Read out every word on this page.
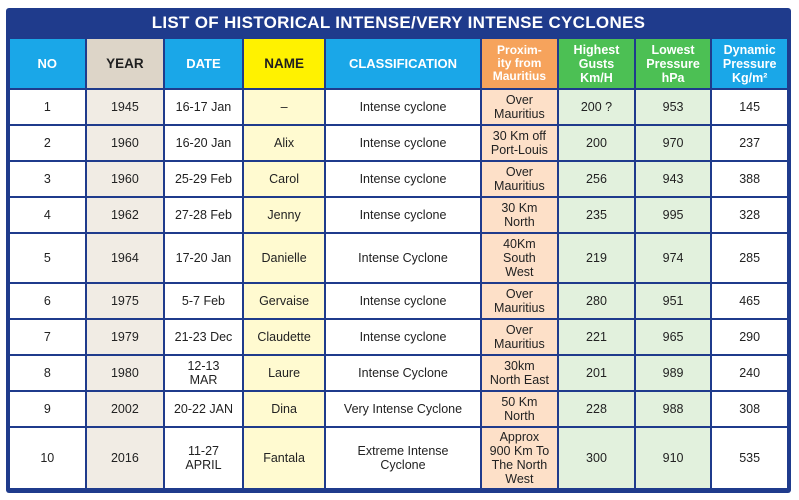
LIST OF HISTORICAL INTENSE/VERY INTENSE CYCLONES
NO	YEAR	DATE	NAME	CLASSIFICATION	Proxim-
ity from
Mauritius	Highest
Gusts
Km/H	Lowest
Pressure
hPa	Dynamic
Pressure
Kg/m²
1	1945	16-17 Jan	–	Intense cyclone	Over
Mauritius	200 ?	953	145
2	1960	16-20 Jan	Alix	Intense cyclone	30 Km off
Port-Louis	200	970	237
3	1960	25-29 Feb	Carol	Intense cyclone	Over
Mauritius	256	943	388
4	1962	27-28 Feb	Jenny	Intense cyclone	30 Km
North	235	995	328
5	1964	17-20 Jan	Danielle	Intense Cyclone	40Km
South
West	219	974	285
6	1975	5-7 Feb	Gervaise	Intense cyclone	Over
Mauritius	280	951	465
7	1979	21-23 Dec	Claudette	Intense cyclone	Over
Mauritius	221	965	290
8	1980	12-13
MAR	Laure	Intense Cyclone	30km
North East	201	989	240
9	2002	20-22 JAN	Dina	Very Intense Cyclone	50 Km
North	228	988	308
10	2016	11-27
APRIL	Fantala	Extreme Intense
Cyclone	Approx
900 Km To
The North
West	300	910	535
